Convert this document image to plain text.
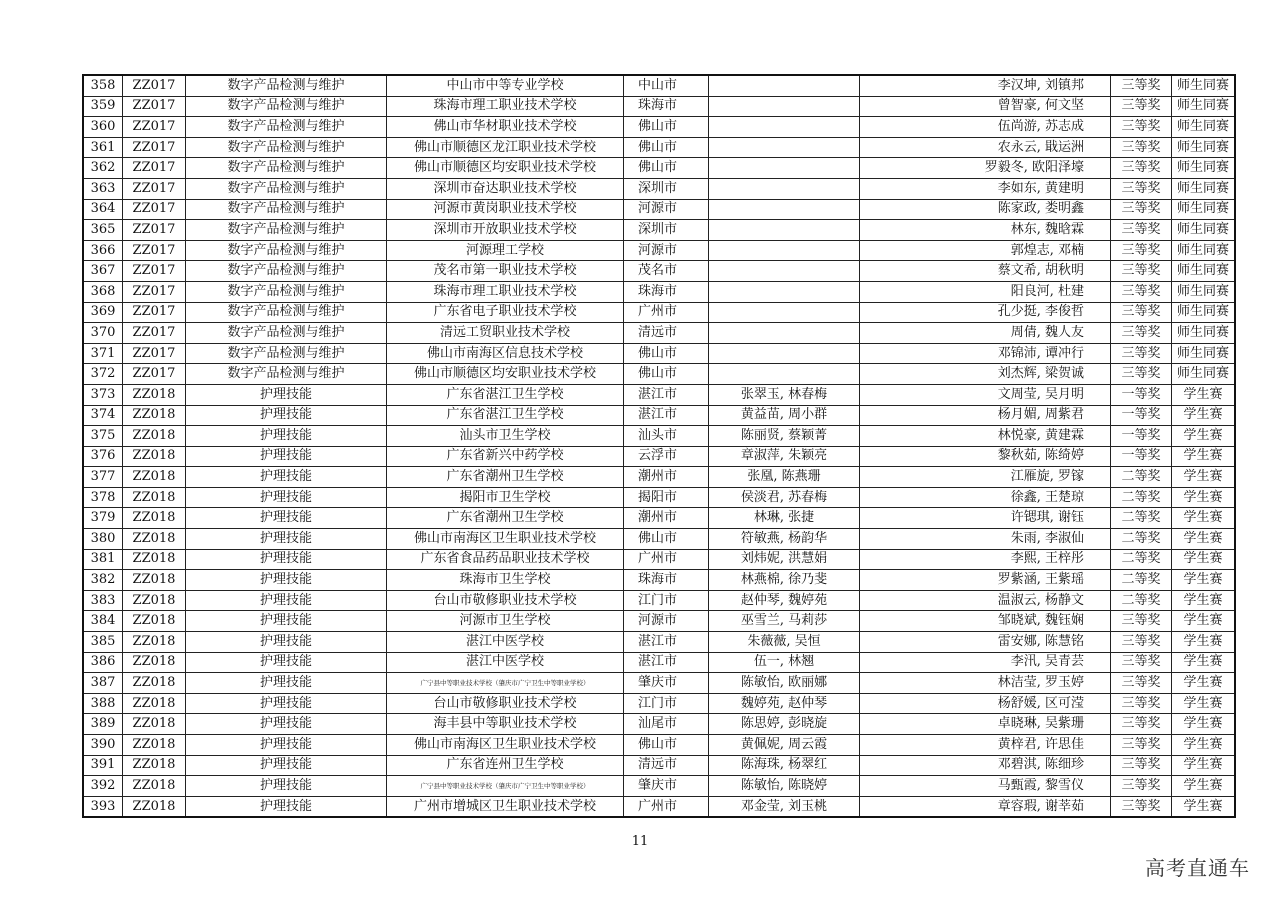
358	ZZ017	数字产品检测与维护	中山市中等专业学校	中山市		李汉坤, 刘镇邦	三等奖	师生同赛
359	ZZ017	数字产品检测与维护	珠海市理工职业技术学校	珠海市		曾智豪, 何文坚	三等奖	师生同赛
360	ZZ017	数字产品检测与维护	佛山市华材职业技术学校	佛山市		伍尚游, 苏志成	三等奖	师生同赛
361	ZZ017	数字产品检测与维护	佛山市顺德区龙江职业技术学校	佛山市		农永云, 戢运洲	三等奖	师生同赛
362	ZZ017	数字产品检测与维护	佛山市顺德区均安职业技术学校	佛山市		罗毅冬, 欧阳泽壕	三等奖	师生同赛
363	ZZ017	数字产品检测与维护	深圳市奋达职业技术学校	深圳市		李如东, 黄建明	三等奖	师生同赛
364	ZZ017	数字产品检测与维护	河源市黄岗职业技术学校	河源市		陈家政, 娄明鑫	三等奖	师生同赛
365	ZZ017	数字产品检测与维护	深圳市开放职业技术学校	深圳市		林东, 魏晗霖	三等奖	师生同赛
366	ZZ017	数字产品检测与维护	河源理工学校	河源市		郭煌志, 邓楠	三等奖	师生同赛
367	ZZ017	数字产品检测与维护	茂名市第一职业技术学校	茂名市		蔡文希, 胡秋明	三等奖	师生同赛
368	ZZ017	数字产品检测与维护	珠海市理工职业技术学校	珠海市		阳良河, 杜建	三等奖	师生同赛
369	ZZ017	数字产品检测与维护	广东省电子职业技术学校	广州市		孔少挺, 李俊哲	三等奖	师生同赛
370	ZZ017	数字产品检测与维护	清远工贸职业技术学校	清远市		周倩, 魏人友	三等奖	师生同赛
371	ZZ017	数字产品检测与维护	佛山市南海区信息技术学校	佛山市		邓锦沛, 谭冲行	三等奖	师生同赛
372	ZZ017	数字产品检测与维护	佛山市顺德区均安职业技术学校	佛山市		刘杰辉, 梁贺诚	三等奖	师生同赛
373	ZZ018	护理技能	广东省湛江卫生学校	湛江市	张翠玉, 林春梅	文周莹, 吴月明	一等奖	学生赛
374	ZZ018	护理技能	广东省湛江卫生学校	湛江市	黄益苗, 周小群	杨月媚, 周紫君	一等奖	学生赛
375	ZZ018	护理技能	汕头市卫生学校	汕头市	陈丽贤, 蔡颖菁	林悦豪, 黄建霖	一等奖	学生赛
376	ZZ018	护理技能	广东省新兴中药学校	云浮市	章淑萍, 朱颖亮	黎秋茹, 陈绮婷	一等奖	学生赛
377	ZZ018	护理技能	广东省潮州卫生学校	潮州市	张凰, 陈燕珊	江雁旋, 罗镓	二等奖	学生赛
378	ZZ018	护理技能	揭阳市卫生学校	揭阳市	侯淡君, 苏春梅	徐鑫, 王楚琼	二等奖	学生赛
379	ZZ018	护理技能	广东省潮州卫生学校	潮州市	林琳, 张捷	许锶琪, 谢钰	二等奖	学生赛
380	ZZ018	护理技能	佛山市南海区卫生职业技术学校	佛山市	符敏燕, 杨韵华	朱雨, 李淑仙	二等奖	学生赛
381	ZZ018	护理技能	广东省食品药品职业技术学校	广州市	刘炜妮, 洪慧娟	李熙, 王梓彤	二等奖	学生赛
382	ZZ018	护理技能	珠海市卫生学校	珠海市	林燕棉, 徐乃斐	罗紫涵, 王紫瑶	二等奖	学生赛
383	ZZ018	护理技能	台山市敬修职业技术学校	江门市	赵仲琴, 魏婷苑	温淑云, 杨静文	二等奖	学生赛
384	ZZ018	护理技能	河源市卫生学校	河源市	巫雪兰, 马莉莎	邹晓斌, 魏钰娴	三等奖	学生赛
385	ZZ018	护理技能	湛江中医学校	湛江市	朱薇薇, 吴恒	雷安娜, 陈慧铭	三等奖	学生赛
386	ZZ018	护理技能	湛江中医学校	湛江市	伍一, 林翘	李汛, 吴青芸	三等奖	学生赛
387	ZZ018	护理技能	广宁县中等职业技术学校（肇庆市广宁卫生中等职业学校）	肇庆市	陈敏怡, 欧丽娜	林洁莹, 罗玉婷	三等奖	学生赛
388	ZZ018	护理技能	台山市敬修职业技术学校	江门市	魏婷苑, 赵仲琴	杨舒媛, 区可滢	三等奖	学生赛
389	ZZ018	护理技能	海丰县中等职业技术学校	汕尾市	陈思婷, 彭晓旋	卓晓琳, 吴紫珊	三等奖	学生赛
390	ZZ018	护理技能	佛山市南海区卫生职业技术学校	佛山市	黄佩妮, 周云霞	黄梓君, 许思佳	三等奖	学生赛
391	ZZ018	护理技能	广东省连州卫生学校	清远市	陈海珠, 杨翠红	邓碧淇, 陈细珍	三等奖	学生赛
392	ZZ018	护理技能	广宁县中等职业技术学校（肇庆市广宁卫生中等职业学校）	肇庆市	陈敏怡, 陈晓婷	马甄霞, 黎雪仪	三等奖	学生赛
393	ZZ018	护理技能	广州市增城区卫生职业技术学校	广州市	邓金莹, 刘玉桃	章容瑕, 谢莘茹	三等奖	学生赛
11
高考直通车
